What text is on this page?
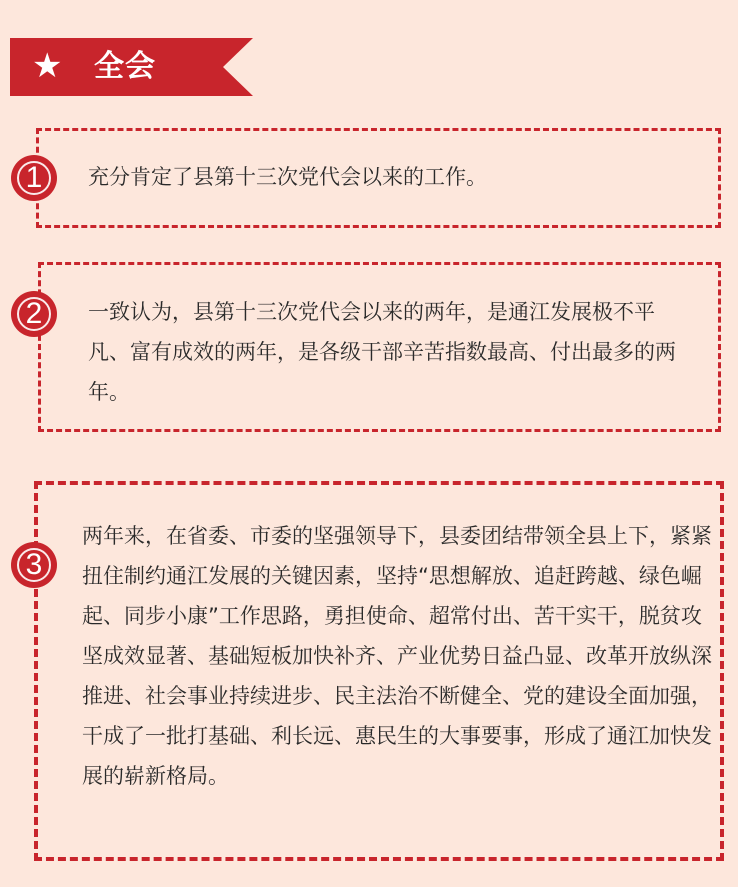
★ 全会
1	充分肯定了县第十三次党代会以来的工作。

2	一致认为，县第十三次党代会以来的两年，是通江发展极不平凡、富有成效的两年，是各级干部辛苦指数最高、付出最多的两年。

3

两年来，在省委、市委的坚强领导下，县委团结带领全县上下，紧紧扭住制约通江发展的关键因素，坚持“思想解放、追赶跨越、绿色崛起、同步小康”工作思路，勇担使命、超常付出、苦干实干，脱贫攻坚成效显著、基础短板加快补齐、产业优势日益凸显、改革开放纵深推进、社会事业持续进步、民主法治不断健全、党的建设全面加强，干成了一批打基础、利长远、惠民生的大事要事，形成了通江加快发展的崭新格局。
